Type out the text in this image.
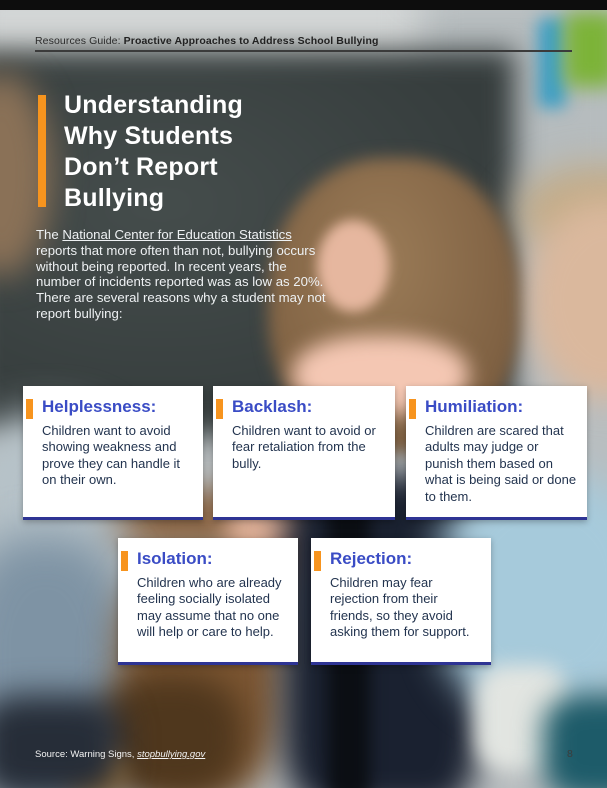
Resources Guide: Proactive Approaches to Address School Bullying
Understanding
Why Students
Don’t Report
Bullying

The National Center for Education Statistics reports that more often than not, bullying occurs without being reported. In recent years, the number of incidents reported was as low as 20%. There are several reasons why a student may not report bullying:

Helplessness:

Children want to avoid showing weakness and prove they can handle it on their own.

Backlash:

Children want to avoid or fear retaliation from the bully.

Humiliation:

Children are scared that adults may judge or punish them based on what is being said or done to them.

Isolation:

Children who are already feeling socially isolated may assume that no one will help or care to help.

Rejection:

Children may fear rejection from their friends, so they avoid asking them for support.

Source: Warning Signs, stopbullying.gov	8
